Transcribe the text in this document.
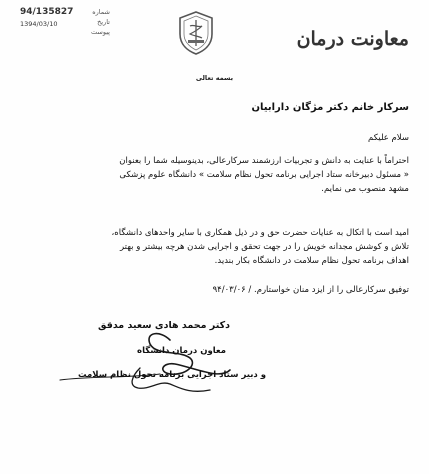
معاونت درمان
94/135827	شماره
1394/03/10	تاریخ
پیوست
بسمه تعالی
سرکار خانم دکتر مژگان دارابیان
سلام علیکم
احتراماً با عنایت به دانش و تجربیات ارزشمند سرکارعالی، بدینوسیله شما را بعنوان
« مسئول دبیرخانه ستاد اجرایی برنامه تحول نظام سلامت » دانشگاه علوم پزشکی
مشهد منصوب می نمایم.
امید است با اتکال به عنایات حضرت حق و در ذیل همکاری با سایر واحدهای دانشگاه،
تلاش و کوشش مجدانه خویش را در جهت تحقق و اجرایی شدن هرچه بیشتر و بهتر
اهداف برنامه تحول نظام سلامت در دانشگاه بکار بندید.
توفیق سرکارعالی را از ایزد منان خواستارم. / ۹۴/۰۳/۰۶
دکتر محمد هادی سعید مدقق
معاون درمان دانشگاه
و دبیر ستاد اجرایی برنامه تحول نظام سلامت
